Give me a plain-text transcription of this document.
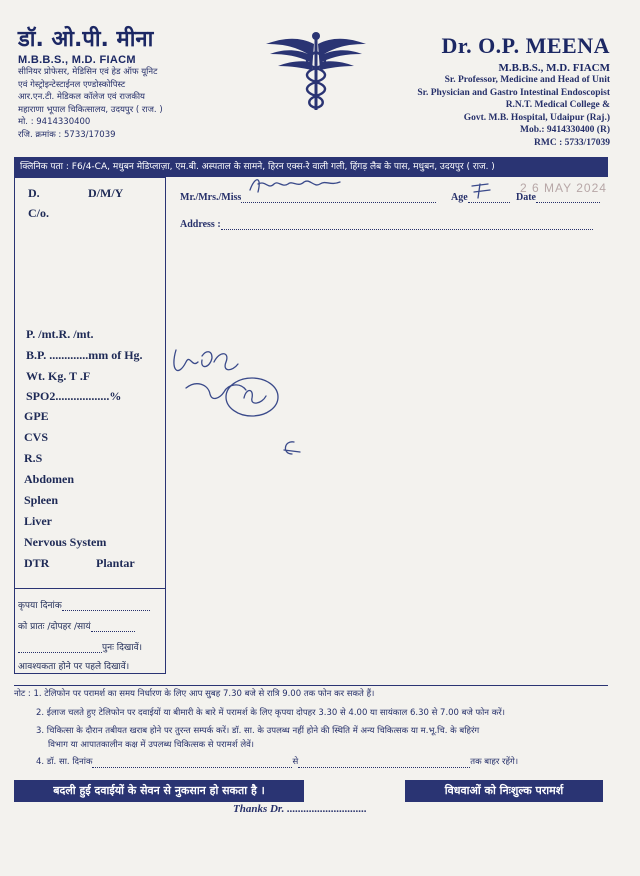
डॉ. ओ.पी. मीना
M.B.B.S., M.D. FIACM
सीनियर प्रोफेसर, मेडिसिन एवं हेड ऑफ यूनिट
एवं गेस्ट्रोइन्टेस्टाईनल एण्डोस्कोपिस्ट
आर.एन.टी. मेडिकल कॉलेज एवं राजकीय
महाराणा भूपाल चिकित्सालय, उदयपुर ( राज. )
मो. : 9414330400
रजि. क्रमांक : 5733/17039
Dr. O.P. MEENA
M.B.B.S., M.D. FIACM
Sr. Professor, Medicine and Head of Unit
Sr. Physician and Gastro Intestinal Endoscopist
R.N.T. Medical College &
Govt. M.B. Hospital, Udaipur (Raj.)
Mob.: 9414330400 (R)
RMC : 5733/17039
क्लिनिक पता : F6/4-CA, मधुबन मेडिप्लाज़ा, एम.बी. अस्पताल के सामने, हिरन एक्स-रे वाली गली, हिंगड़ लैब के पास, मधुबन, उदयपुर ( राज. )
Mr./Mrs./Miss	Age	Date
2 6 MAY 2024
Address :
D.	D/M/Y
C/o.
P. /mt.R. /mt.
B.P. .............mm of Hg.
Wt. Kg. T .F
SPO2..................%
GPE
CVS
R.S
Abdomen
Spleen
Liver
Nervous System
DTR	Plantar
कृपया दिनांक
को प्रातः /दोपहर /सायं
पुनः दिखावें।
आवश्यकता होने पर पहले दिखावें।
नोट : 1. टेलिफोन पर परामर्श का समय निर्धारण के लिए आप सुबह 7.30 बजे से रात्रि 9.00 तक फोन कर सकते हैं।
2. ईलाज चलते हुए टेलिफोन पर दवाईयों या बीमारी के बारे में परामर्श के लिए कृपया दोपहर 3.30 से 4.00 या सायंकाल 6.30 से 7.00 बजे फोन करें।
3. चिकित्सा के दौरान तबीयत खराब होने पर तुरन्त सम्पर्क करें। डॉ. सा. के उपलब्ध नहीं होने की स्थिति में अन्य चिकित्सक या म.भू.चि. के बहिरंग
विभाग या आपातकालीन कक्ष में उपलब्ध चिकित्सक से परामर्श लेवें।
4. डॉ. सा. दिनांक	से	तक बाहर रहेंगे।
बदली हुई दवाईयों के सेवन से नुकसान हो सकता है ।	विधवाओं को निःशुल्क परामर्श
Thanks Dr. .............................
